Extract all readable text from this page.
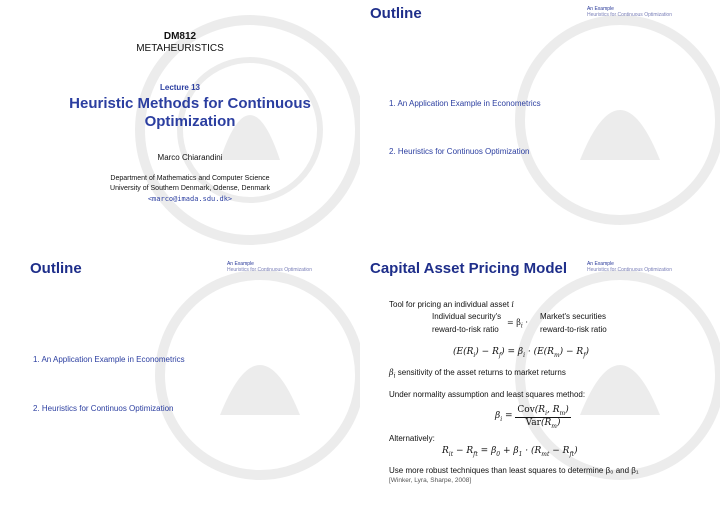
DM812
METAHEURISTICS
Lecture 13
Heuristic Methods for Continuous
Optimization
Marco Chiarandini
Department of Mathematics and Computer Science
University of Southern Denmark, Odense, Denmark
<marco@imada.sdu.dk>
Outline	An Example
Heuristics for Continuous Optimization
1. An Application Example in Econometrics
2. Heuristics for Continuos Optimization
Outline	An Example
Heuristics for Continuous Optimization
1. An Application Example in Econometrics
2. Heuristics for Continuos Optimization
Capital Asset Pricing Model	An Example
Heuristics for Continuous Optimization
Tool for pricing an individual asset i
Individual security's
reward-to-risk ratio
= $\beta_i$ ·
Market's securities
reward-to-risk ratio
$(E(R_i) - R_f) = \beta_i \cdot (E(R_m) - R_f)$
$\beta_i$ sensitivity of the asset returns to market returns
Under normality assumption and least squares method:
$\beta_i$ =
$Cov(R_i$, $R_m$)
$Var(R_m)$
Alternatively:
$R_{it} - R_{ft} = \beta_0 + \beta_1 \cdot (R_{mt} - R_{ft})$
Use more robust techniques than least squares to determine β₀ and β₁
[Winker, Lyra, Sharpe, 2008]
